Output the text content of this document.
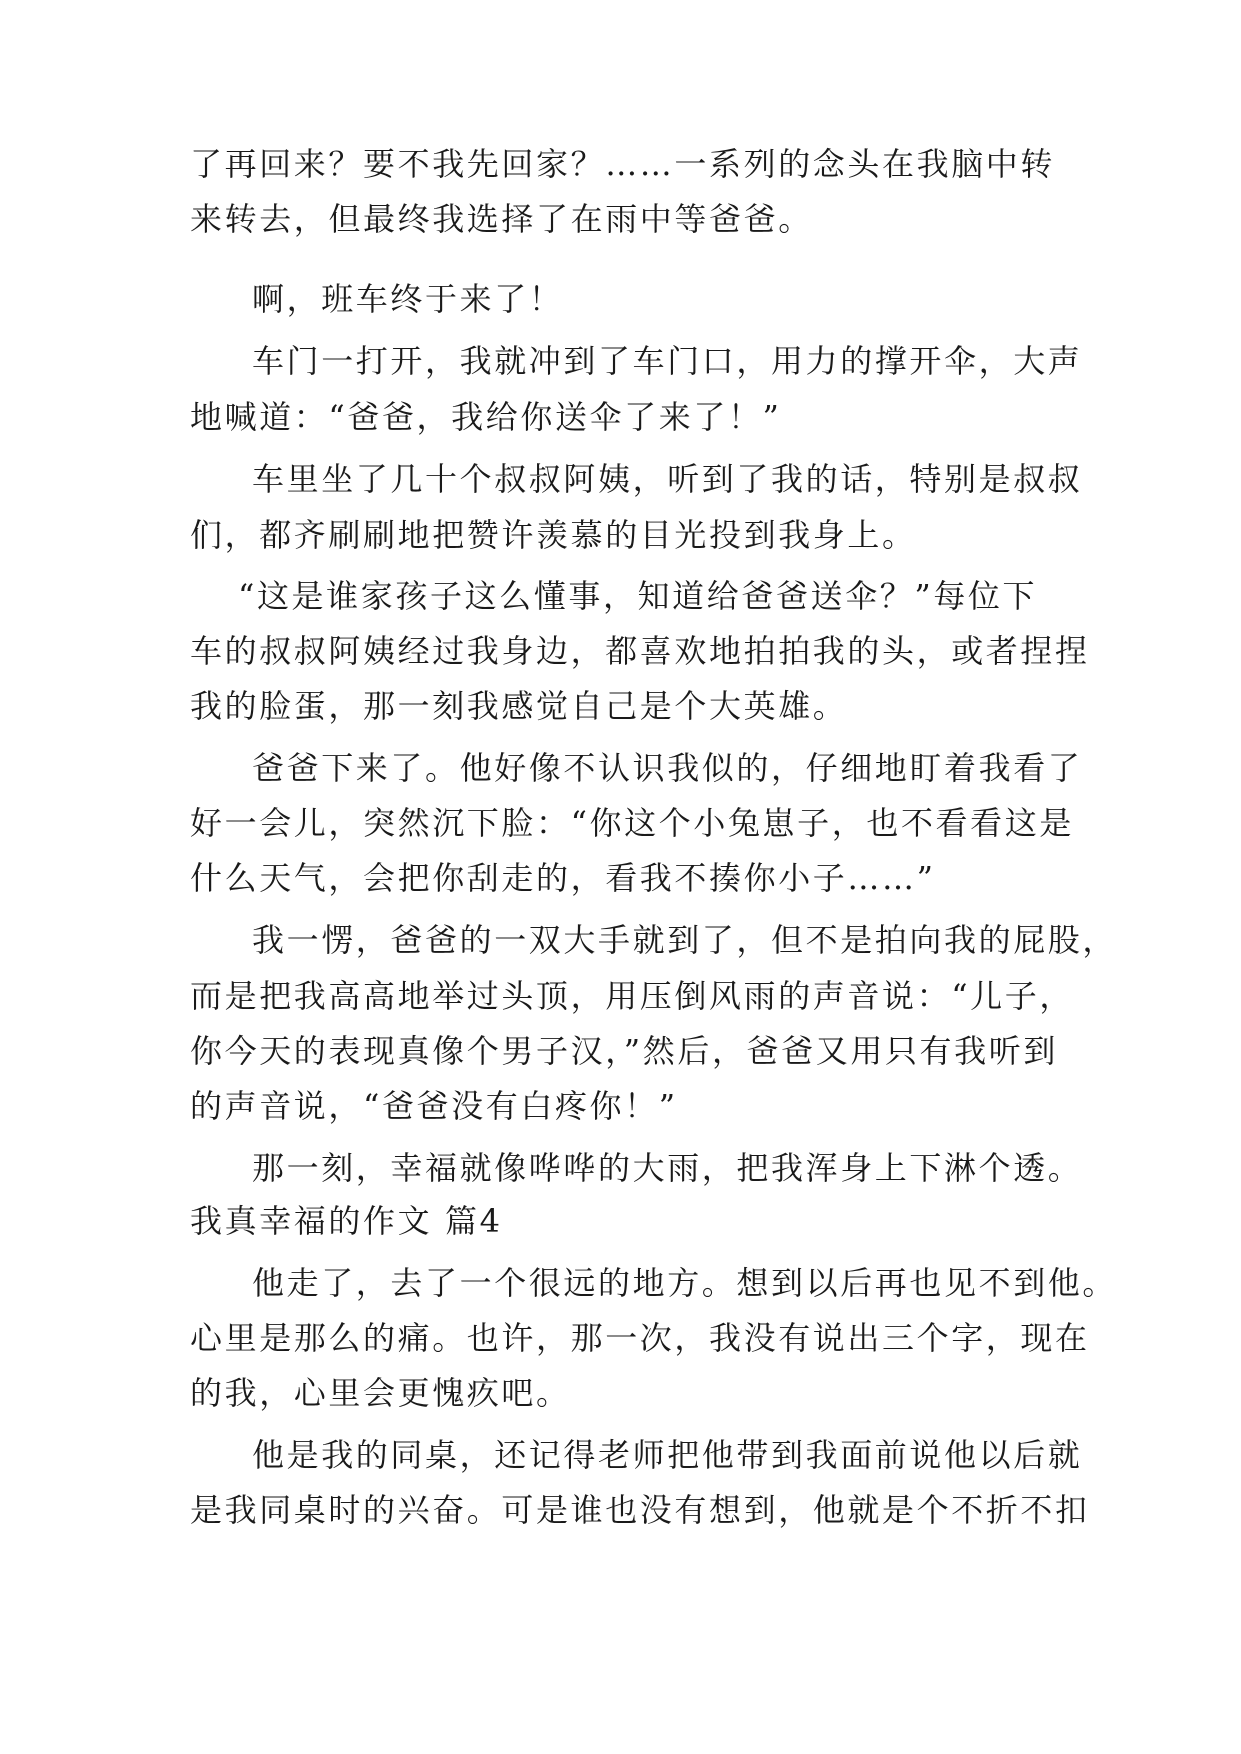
了再回来？要不我先回家？……一系列的念头在我脑中转
来转去，但最终我选择了在雨中等爸爸。
啊，班车终于来了！
车门一打开，我就冲到了车门口，用力的撑开伞，大声
地喊道：“爸爸，我给你送伞了来了！”
车里坐了几十个叔叔阿姨，听到了我的话，特别是叔叔
们，都齐刷刷地把赞许羡慕的目光投到我身上。
“这是谁家孩子这么懂事，知道给爸爸送伞？”每位下
车的叔叔阿姨经过我身边，都喜欢地拍拍我的头，或者捏捏
我的脸蛋，那一刻我感觉自己是个大英雄。
爸爸下来了。他好像不认识我似的，仔细地盯着我看了
好一会儿，突然沉下脸：“你这个小兔崽子，也不看看这是
什么天气，会把你刮走的，看我不揍你小子……”
我一愣，爸爸的一双大手就到了，但不是拍向我的屁股，
而是把我高高地举过头顶，用压倒风雨的声音说：“儿子，
你今天的表现真像个男子汉，”然后，爸爸又用只有我听到
的声音说，“爸爸没有白疼你！”
那一刻，幸福就像哗哗的大雨，把我浑身上下淋个透。
我真幸福的作文 篇4
他走了，去了一个很远的地方。想到以后再也见不到他。
心里是那么的痛。也许，那一次，我没有说出三个字，现在
的我，心里会更愧疚吧。
他是我的同桌，还记得老师把他带到我面前说他以后就
是我同桌时的兴奋。可是谁也没有想到，他就是个不折不扣
